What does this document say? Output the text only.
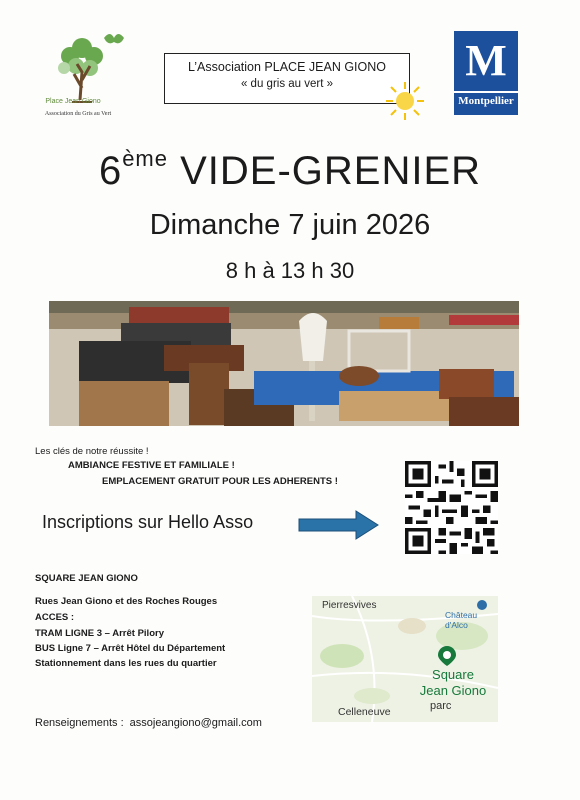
Place Jean Giono
Association du Gris au Vert
L’Association PLACE JEAN GIONO
« du gris au vert »	M
Montpellier
6ème VIDE-GRENIER
Dimanche 7 juin 2026
8 h à 13 h 30
Les clés de notre réussite !
AMBIANCE FESTIVE ET FAMILIALE !
EMPLACEMENT GRATUIT POUR LES ADHERENTS !
Inscriptions sur Hello Asso
SQUARE JEAN GIONO
Rues Jean Giono et des Roches Rouges
ACCES :
TRAM LIGNE 3 – Arrêt Pilory
BUS Ligne 7 – Arrêt Hôtel du Département
Stationnement dans les rues du quartier
Renseignements : assojeangiono@gmail.com
Pierresvives
Château d'Alco
Square
Jean Giono
parc
Celleneuve
